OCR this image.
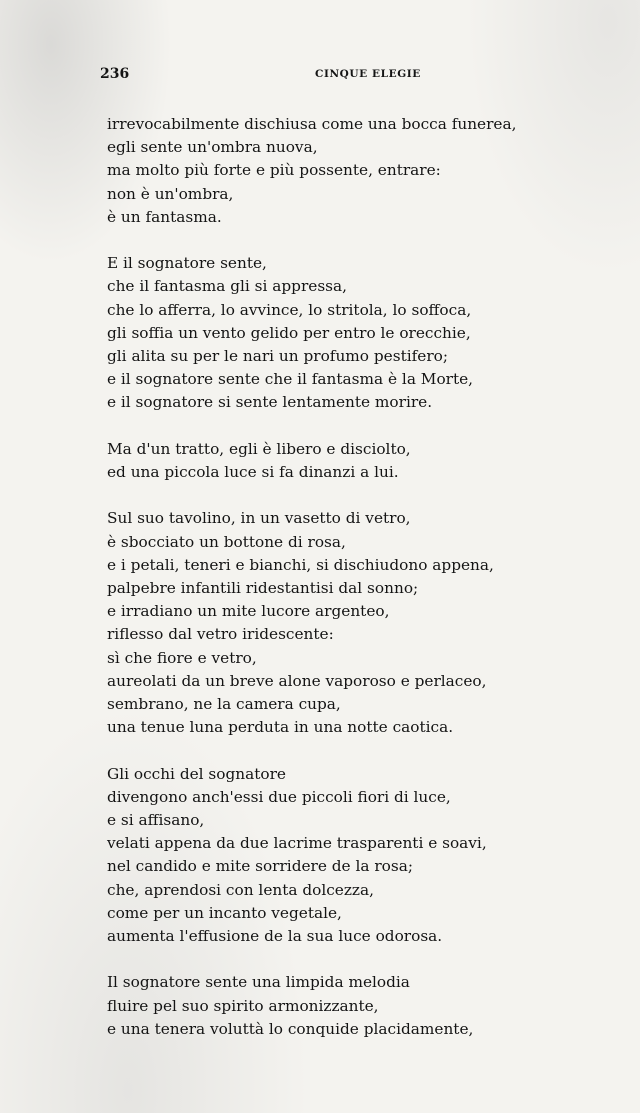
236	CINQUE ELEGIE
irrevocabilmente dischiusa come una bocca funerea,
egli sente un'ombra nuova,
ma molto più forte e più possente, entrare:
non è un'ombra,
è un fantasma.
E il sognatore sente,
che il fantasma gli si appressa,
che lo afferra, lo avvince, lo stritola, lo soffoca,
gli soffia un vento gelido per entro le orecchie,
gli alita su per le nari un profumo pestifero;
e il sognatore sente che il fantasma è la Morte,
e il sognatore si sente lentamente morire.
Ma d'un tratto, egli è libero e disciolto,
ed una piccola luce si fa dinanzi a lui.
Sul suo tavolino, in un vasetto di vetro,
è sbocciato un bottone di rosa,
e i petali, teneri e bianchi, si dischiudono appena,
palpebre infantili ridestantisi dal sonno;
e irradiano un mite lucore argenteo,
riflesso dal vetro iridescente:
sì che fiore e vetro,
aureolati da un breve alone vaporoso e perlaceo,
sembrano, ne la camera cupa,
una tenue luna perduta in una notte caotica.
Gli occhi del sognatore
divengono anch'essi due piccoli fiori di luce,
e si affisano,
velati appena da due lacrime trasparenti e soavi,
nel candido e mite sorridere de la rosa;
che, aprendosi con lenta dolcezza,
come per un incanto vegetale,
aumenta l'effusione de la sua luce odorosa.
Il sognatore sente una limpida melodia
fluire pel suo spirito armonizzante,
e una tenera voluttà lo conquide placidamente,
